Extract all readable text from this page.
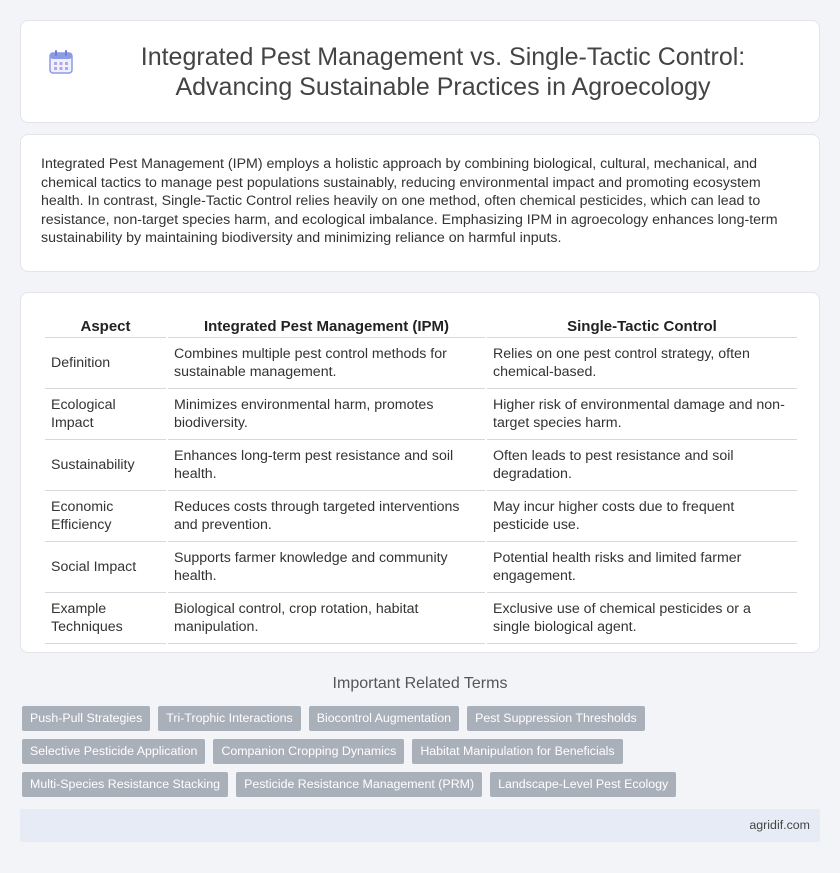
Integrated Pest Management vs. Single-Tactic Control: Advancing Sustainable Practices in Agroecology

Integrated Pest Management (IPM) employs a holistic approach by combining biological, cultural, mechanical, and chemical tactics to manage pest populations sustainably, reducing environmental impact and promoting ecosystem health. In contrast, Single-Tactic Control relies heavily on one method, often chemical pesticides, which can lead to resistance, non-target species harm, and ecological imbalance. Emphasizing IPM in agroecology enhances long-term sustainability by maintaining biodiversity and minimizing reliance on harmful inputs.

Aspect	Integrated Pest Management (IPM)	Single-Tactic Control
Definition	Combines multiple pest control methods for sustainable management.	Relies on one pest control strategy, often chemical-based.
Ecological Impact	Minimizes environmental harm, promotes biodiversity.	Higher risk of environmental damage and non-target species harm.
Sustainability	Enhances long-term pest resistance and soil health.	Often leads to pest resistance and soil degradation.
Economic Efficiency	Reduces costs through targeted interventions and prevention.	May incur higher costs due to frequent pesticide use.
Social Impact	Supports farmer knowledge and community health.	Potential health risks and limited farmer engagement.
Example Techniques	Biological control, crop rotation, habitat manipulation.	Exclusive use of chemical pesticides or a single biological agent.
Important Related Terms
Push-Pull Strategies	Tri-Trophic Interactions	Biocontrol Augmentation	Pest Suppression Thresholds
Selective Pesticide Application	Companion Cropping Dynamics	Habitat Manipulation for Beneficials
Multi-Species Resistance Stacking	Pesticide Resistance Management (PRM)	Landscape-Level Pest Ecology
agridif.com
